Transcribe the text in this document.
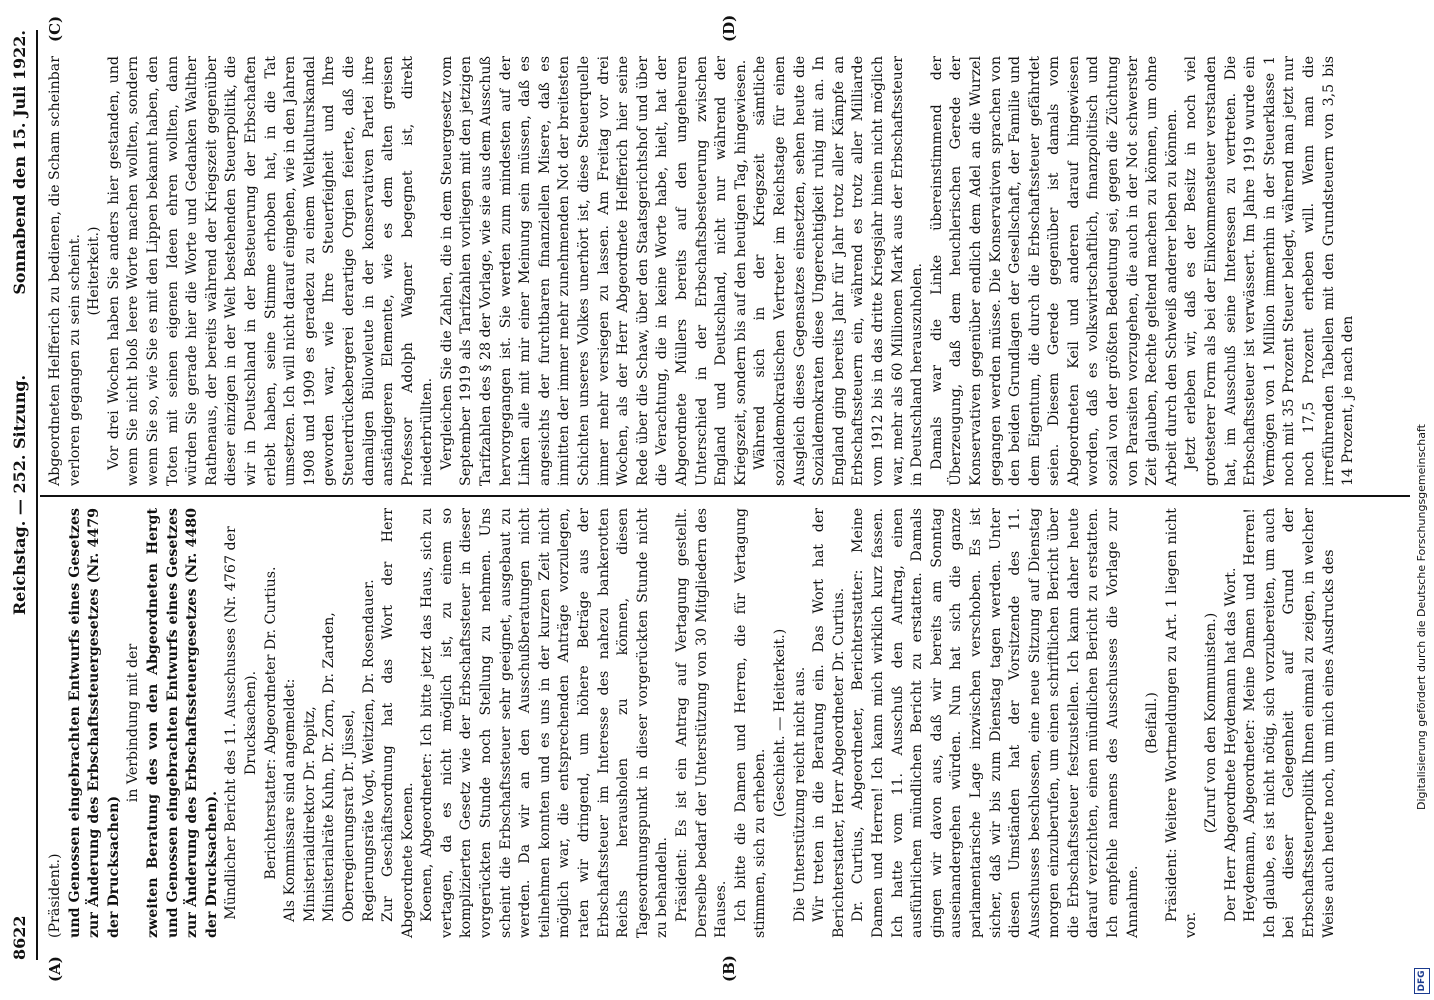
8622
Reichstag. — 252. Sitzung.
Sonnabend den 15. Juli 1922.
(A)	(B)
(C)	(D)

(Präsident.) und Genossen eingebrachten Entwurfs eines Gesetzes zur Änderung des Erbschaftssteuergesetzes (Nr. 4479 der Drucksachen)

in Verbindung mit der zweiten Beratung des von den Abgeordneten Hergt und Genossen eingebrachten Entwurfs eines Gesetzes zur Änderung des Erbschaftssteuergesetzes (Nr. 4480 der Drucksachen). Mündlicher Bericht des 11. Ausschusses (Nr. 4767 der Drucksachen). Berichterstatter: Abgeordneter Dr. Curtius. Als Kommissare sind angemeldet: Ministerialdirektor Dr. Popitz, Ministerialräte Kuhn, Dr. Zorn, Dr. Zarden, Oberregierungsrat Dr. Jüssel, Regierungsräte Vogt, Weitzien, Dr. Rosendauer. Zur Geschäftsordnung hat das Wort der Herr Abgeordnete Koenen. Koenen, Abgeordneter: Ich bitte jetzt das Haus, sich zu vertagen, da es nicht möglich ist, zu einem so komplizierten Gesetz wie der Erbschaftssteuer in dieser vorgerückten Stunde noch Stellung zu nehmen. Uns scheint die Erbschaftssteuer sehr geeignet, ausgebaut zu werden. Da wir an den Ausschußberatungen nicht teilnehmen konnten und es uns in der kurzen Zeit nicht möglich war, die entsprechenden Anträge vorzulegen, raten wir dringend, um höhere Beträge aus der Erbschaftssteuer im Interesse des nahezu bankerotten Reichs herausholen zu können, diesen Tagesordnungspunkt in dieser vorgerückten Stunde nicht zu behandeln. Präsident: Es ist ein Antrag auf Vertagung gestellt. Derselbe bedarf der Unterstützung von 30 Mitgliedern des Hauses. Ich bitte die Damen und Herren, die für Vertagung stimmen, sich zu erheben.

(Geschieht. — Heiterkeit.) Die Unterstützung reicht nicht aus. Wir treten in die Beratung ein. Das Wort hat der Berichterstatter, Herr Abgeordneter Dr. Curtius. Dr. Curtius, Abgeordneter, Berichterstatter: Meine Damen und Herren! Ich kann mich wirklich kurz fassen. Ich hatte vom 11. Ausschuß den Auftrag, einen ausführlichen mündlichen Bericht zu erstatten. Damals gingen wir davon aus, daß wir bereits am Sonntag auseinandergehen würden. Nun hat sich die ganze parlamentarische Lage inzwischen verschoben. Es ist sicher, daß wir bis zum Dienstag tagen werden. Unter diesen Umständen hat der Vorsitzende des 11. Ausschusses beschlossen, eine neue Sitzung auf Dienstag morgen einzuberufen, um einen schriftlichen Bericht über die Erbschaftssteuer festzustellen. Ich kann daher heute darauf verzichten, einen mündlichen Bericht zu erstatten. Ich empfehle namens des Ausschusses die Vorlage zur Annahme.

(Beifall.) Präsident: Weitere Wortmeldungen zu Art. 1 liegen nicht vor.

(Zuruf von den Kommunisten.) Der Herr Abgeordnete Heydemann hat das Wort. Heydemann, Abgeordneter: Meine Damen und Herren! Ich glaube, es ist nicht nötig, sich vorzubereiten, um auch bei dieser Gelegenheit auf Grund der Erbschaftssteuerpolitik Ihnen einmal zu zeigen, in welcher Weise auch heute noch, um mich eines Ausdrucks des

Abgeordneten Helfferich zu bedienen, die Scham scheinbar verloren gegangen zu sein scheint. (Heiterkeit.) Vor drei Wochen haben Sie anders hier gestanden, und wenn Sie nicht bloß leere Worte machen wollten, sondern wenn Sie so, wie Sie es mit den Lippen bekannt haben, den Toten mit seinen eigenen Ideen ehren wollten, dann würden Sie gerade hier die Worte und Gedanken Walther Rathenaus, der bereits während der Kriegszeit gegenüber dieser einzigen in der Welt bestehenden Steuerpolitik, die wir in Deutschland in der Besteuerung der Erbschaften erlebt haben, seine Stimme erhoben hat, in die Tat umsetzen. Ich will nicht darauf eingehen, wie in den Jahren 1908 und 1909 es geradezu zu einem Weltkulturskandal geworden war, wie Ihre Steuerfeigheit und Ihre Steuerdrückebergerei derartige Orgien feierte, daß die damaligen Bülowleute in der konservativen Partei ihre anständigeren Elemente, wie es dem alten greisen Professor Adolph Wagner begegnet ist, direkt niederbrüllten. Vergleichen Sie die Zahlen, die in dem Steuergesetz vom September 1919 als Tarifzahlen vorliegen mit den jetzigen Tarifzahlen des § 28 der Vorlage, wie sie aus dem Ausschuß hervorgegangen ist. Sie werden zum mindesten auf der Linken alle mit mir einer Meinung sein müssen, daß es angesichts der furchtbaren finanziellen Misere, daß es inmitten der immer mehr zunehmenden Not der breitesten Schichten unseres Volkes unerhört ist, diese Steuerquelle immer mehr versiegen zu lassen. Am Freitag vor drei Wochen, als der Herr Abgeordnete Helfferich hier seine Rede über die Schaw, über den Staatsgerichtshof und über die Verachtung, die in keine Worte habe, hielt, hat der Abgeordnete Müllers bereits auf den ungeheuren Unterschied in der Erbschaftsbesteuerung zwischen England und Deutschland, nicht nur während der Kriegszeit, sondern bis auf den heutigen Tag, hingewiesen. Während sich in der Kriegszeit sämtliche sozialdemokratischen Vertreter im Reichstage für einen Ausgleich dieses Gegensatzes einsetzten, sehen heute die Sozialdemokraten diese Ungerechtigkeit ruhig mit an. In England ging bereits Jahr für Jahr trotz aller Kämpfe an Erbschaftssteuern ein, während es trotz aller Milliarde vom 1912 bis in das dritte Kriegsjahr hinein nicht möglich war, mehr als 60 Millionen Mark aus der Erbschaftssteuer in Deutschland herauszuholen. Damals war die Linke übereinstimmend der Überzeugung, daß dem heuchlerischen Gerede der Konservativen gegenüber endlich dem Adel an die Wurzel gegangen werden müsse. Die Konservativen sprachen von den beiden Grundlagen der Gesellschaft, der Familie und dem Eigentum, die durch die Erbschaftssteuer gefährdet seien. Diesem Gerede gegenüber ist damals vom Abgeordneten Keil und anderen darauf hingewiesen worden, daß es volkswirtschaftlich, finanzpolitisch und sozial von der größten Bedeutung sei, gegen die Züchtung von Parasiten vorzugehen, die auch in der Not schwerster Zeit glauben, Rechte geltend machen zu können, um ohne Arbeit durch den Schweiß anderer leben zu können. Jetzt erleben wir, daß es der Besitz in noch viel grotesterer Form als bei der Einkommensteuer verstanden hat, im Ausschuß seine Interessen zu vertreten. Die Erbschaftssteuer ist verwässert. Im Jahre 1919 wurde ein Vermögen von 1 Million immerhin in der Steuerklasse 1 noch mit 35 Prozent Steuer belegt, während man jetzt nur noch 17,5 Prozent erheben will. Wenn man die irreführenden Tabellen mit den Grundsteuern von 3,5 bis 14 Prozent, je nach den

DFG
Digitalisierung gefördert durch die Deutsche Forschungsgemeinschaft
